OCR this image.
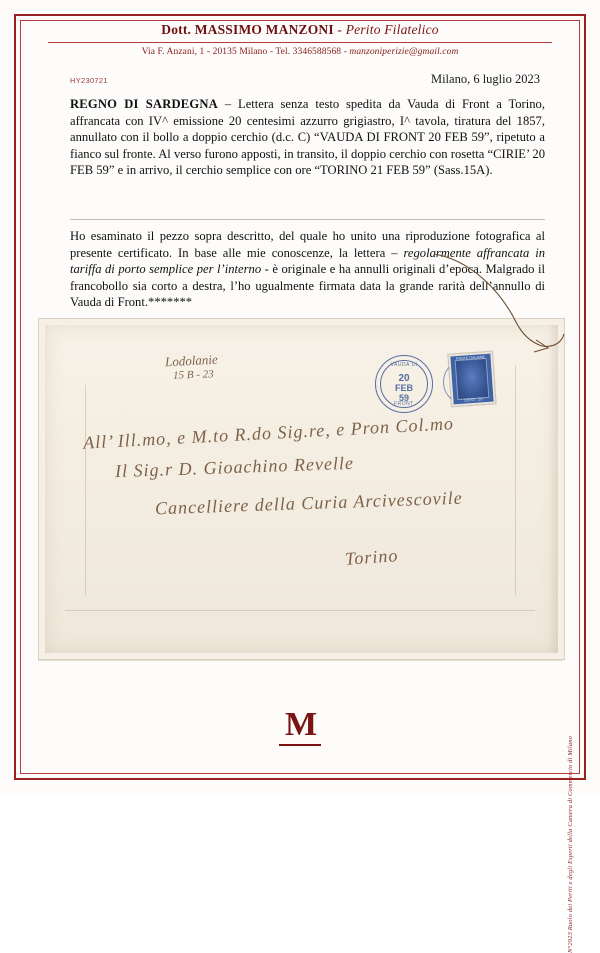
Dott. MASSIMO MANZONI - Perito Filatelico
Via F. Anzani, 1 - 20135 Milano - Tel. 3346588568 - manzoniperizie@gmail.com
HY230721	Milano, 6 luglio 2023
REGNO DI SARDEGNA – Lettera senza testo spedita da Vauda di Front a Torino, affrancata con IV^ emissione 20 centesimi azzurro grigiastro, I^ tavola, tiratura del 1857, annullato con il bollo a doppio cerchio (d.c. C) “VAUDA DI FRONT 20 FEB 59”, ripetuto a fianco sul fronte. Al verso furono apposti, in transito, il doppio cerchio con rosetta “CIRIE’ 20 FEB 59” e in arrivo, il cerchio semplice con ore “TORINO 21 FEB 59” (Sass.15A).
Ho esaminato il pezzo sopra descritto, del quale ho unito una riproduzione fotografica al presente certificato. In base alle mie conoscenze, la lettera – regolarmente affrancata in tariffa di porto semplice per l’interno - è originale e ha annulli originali d’epoca. Malgrado il francobollo sia corto a destra, l’ho ugualmente firmata data la grande rarità dell’annullo di Vauda di Front.*******
Lodolanie
15 B - 23
All’ Ill.mo, e M.to R.do Sig.re, e Pron Col.mo
Il Sig.r D. Gioachino Revelle
Cancelliere della Curia Arcivescovile
Torino
VAUDA DI
20
FEB
59
FRONT
POSTE ITALIANE
CENT. 20
M
N°2923 Ruolo dei Periti e degli Esperti della Camera di Commercio di Milano
